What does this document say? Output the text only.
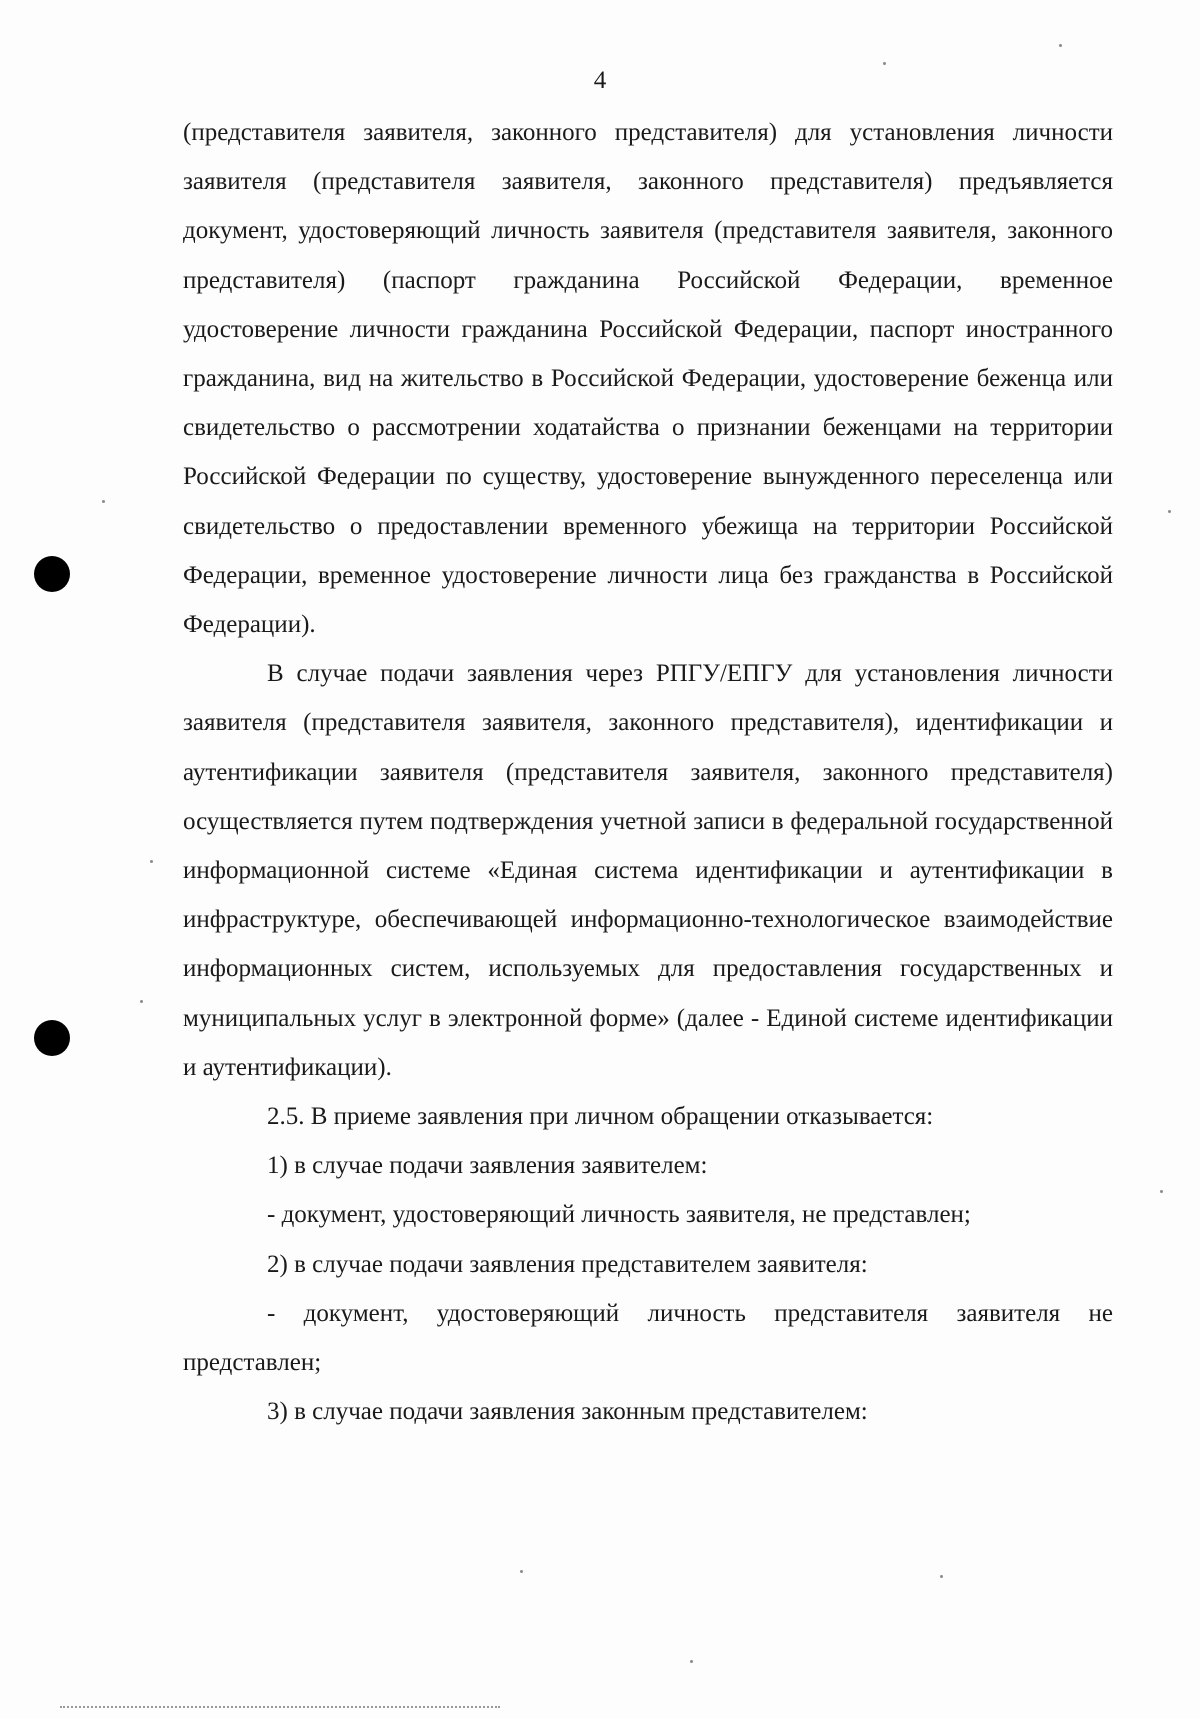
4

(представителя заявителя, законного представителя) для установления личности заявителя (представителя заявителя, законного представителя) предъявляется документ, удостоверяющий личность заявителя (представителя заявителя, законного представителя) (паспорт гражданина Российской Федерации, временное удостоверение личности гражданина Российской Федерации, паспорт иностранного гражданина, вид на жительство в Российской Федерации, удостоверение беженца или свидетельство о рассмотрении ходатайства о признании беженцами на территории Российской Федерации по существу, удостоверение вынужденного переселенца или свидетельство о предоставлении временного убежища на территории Российской Федерации, временное удостоверение личности лица без гражданства в Российской Федерации).

В случае подачи заявления через РПГУ/ЕПГУ для установления личности заявителя (представителя заявителя, законного представителя), идентификации и аутентификации заявителя (представителя заявителя, законного представителя) осуществляется путем подтверждения учетной записи в федеральной государственной информационной системе «Единая система идентификации и аутентификации в инфраструктуре, обеспечивающей информационно-технологическое взаимодействие информационных систем, используемых для предоставления государственных и муниципальных услуг в электронной форме» (далее - Единой системе идентификации и аутентификации).

2.5. В приеме заявления при личном обращении отказывается:

1) в случае подачи заявления заявителем:

- документ, удостоверяющий личность заявителя, не представлен;

2) в случае подачи заявления представителем заявителя:

- документ, удостоверяющий личность представителя заявителя не представлен;

3) в случае подачи заявления законным представителем:
